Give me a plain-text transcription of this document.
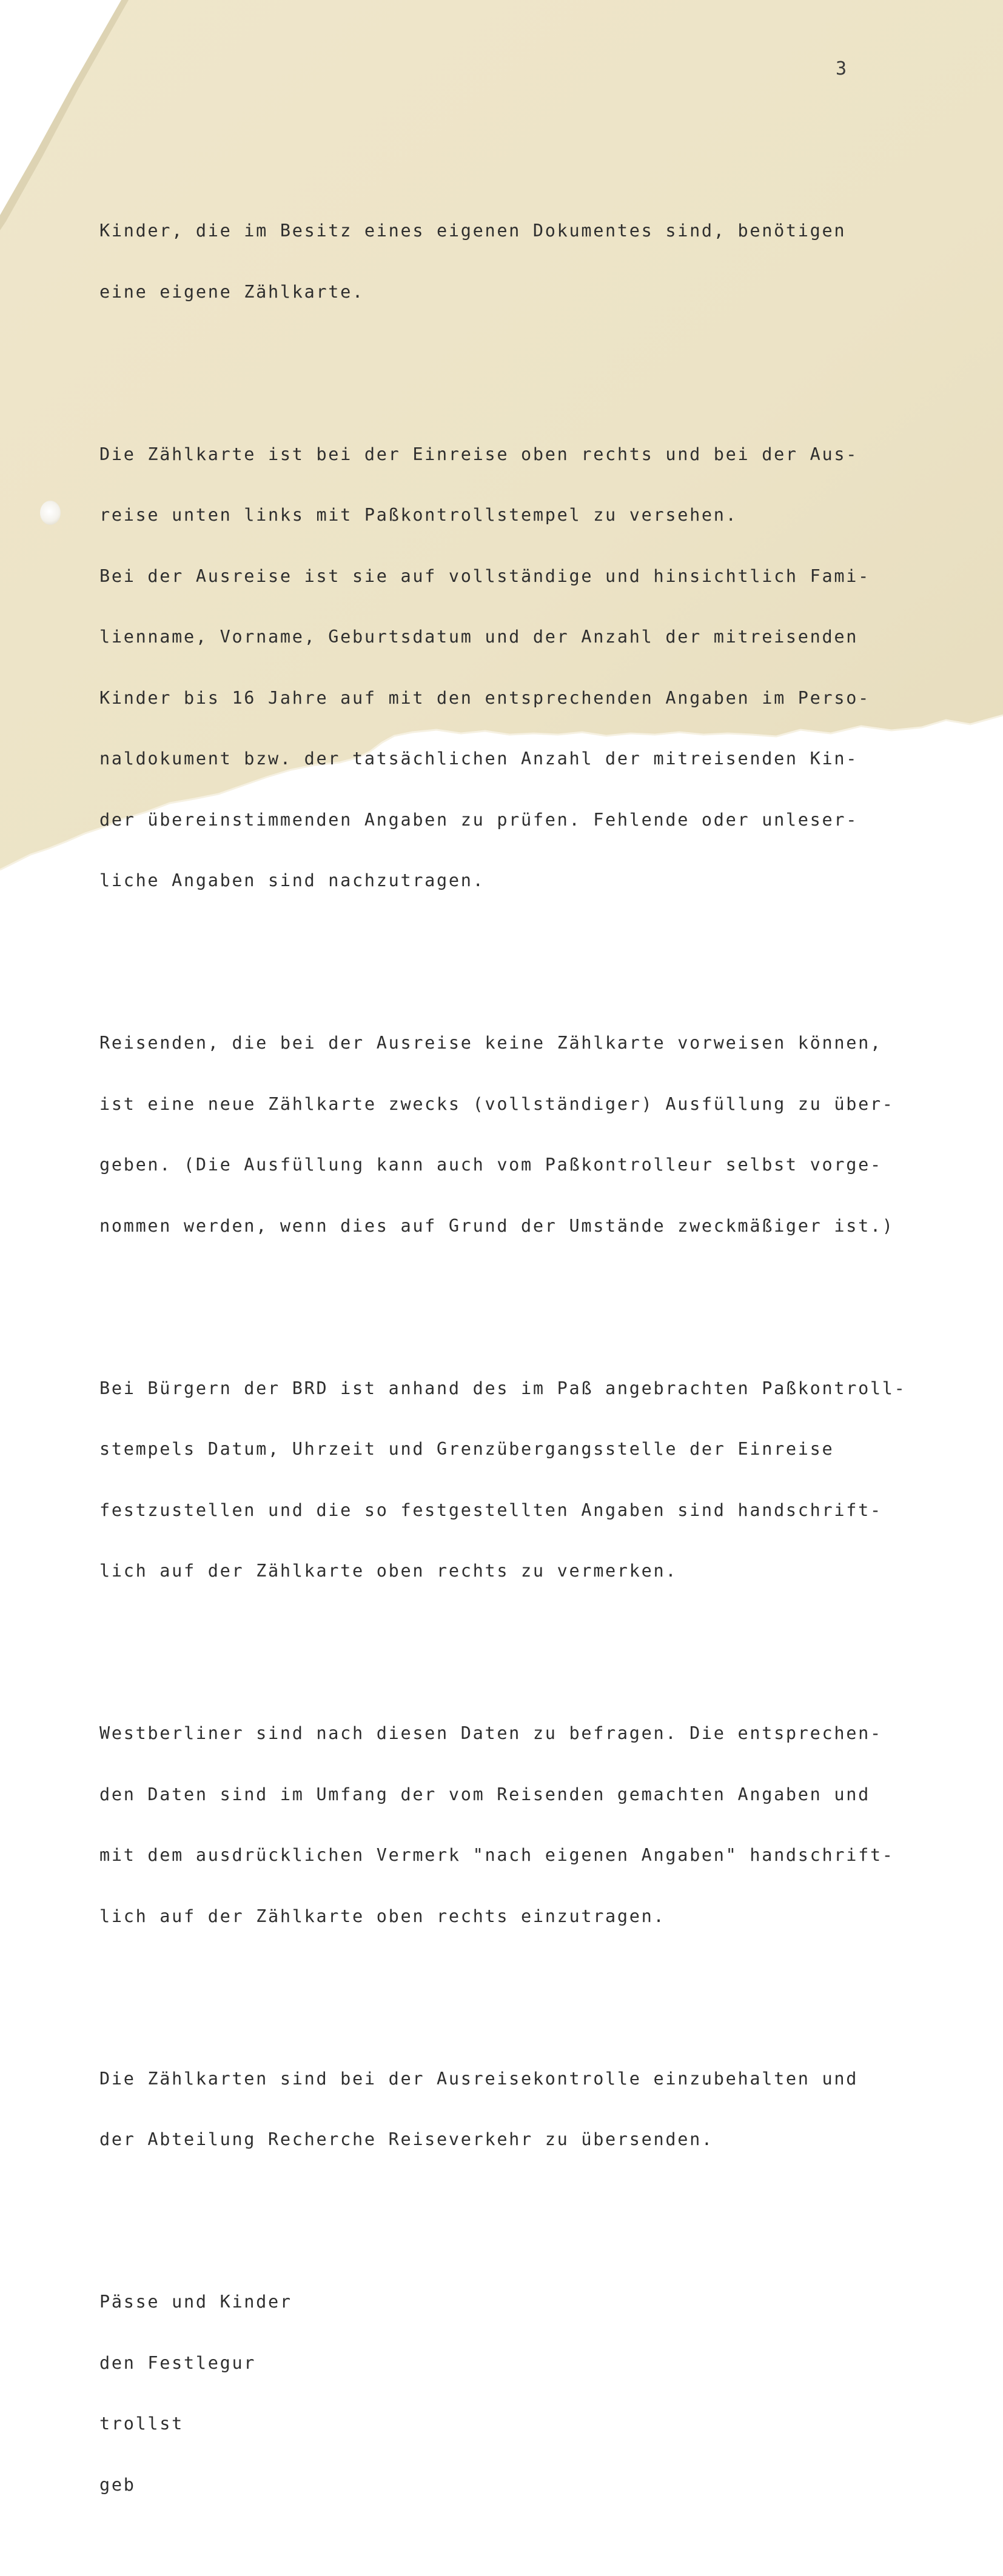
3

Kinder, die im Besitz eines eigenen Dokumentes sind, benötigen

eine eigene Zählkarte.

Die Zählkarte ist bei der Einreise oben rechts und bei der Aus-

reise unten links mit Paßkontrollstempel zu versehen.

Bei der Ausreise ist sie auf vollständige und hinsichtlich Fami-

lienname, Vorname, Geburtsdatum und der Anzahl der mitreisenden

Kinder bis 16 Jahre auf mit den entsprechenden Angaben im Perso-

naldokument bzw. der tatsächlichen Anzahl der mitreisenden Kin-

der übereinstimmenden Angaben zu prüfen. Fehlende oder unleser-

liche Angaben sind nachzutragen.

Reisenden, die bei der Ausreise keine Zählkarte vorweisen können,

ist eine neue Zählkarte zwecks (vollständiger) Ausfüllung zu über-

geben. (Die Ausfüllung kann auch vom Paßkontrolleur selbst vorge-

nommen werden, wenn dies auf Grund der Umstände zweckmäßiger ist.)

Bei Bürgern der BRD ist anhand des im Paß angebrachten Paßkontroll-

stempels Datum, Uhrzeit und Grenzübergangsstelle der Einreise

festzustellen und die so festgestellten Angaben sind handschrift-

lich auf der Zählkarte oben rechts zu vermerken.

Westberliner sind nach diesen Daten zu befragen. Die entsprechen-

den Daten sind im Umfang der vom Reisenden gemachten Angaben und

mit dem ausdrücklichen Vermerk "nach eigenen Angaben" handschrift-

lich auf der Zählkarte oben rechts einzutragen.

Die Zählkarten sind bei der Ausreisekontrolle einzubehalten und

der Abteilung Recherche Reiseverkehr zu übersenden.

Pässe und Kinder

den Festlegur

trollst

geb
